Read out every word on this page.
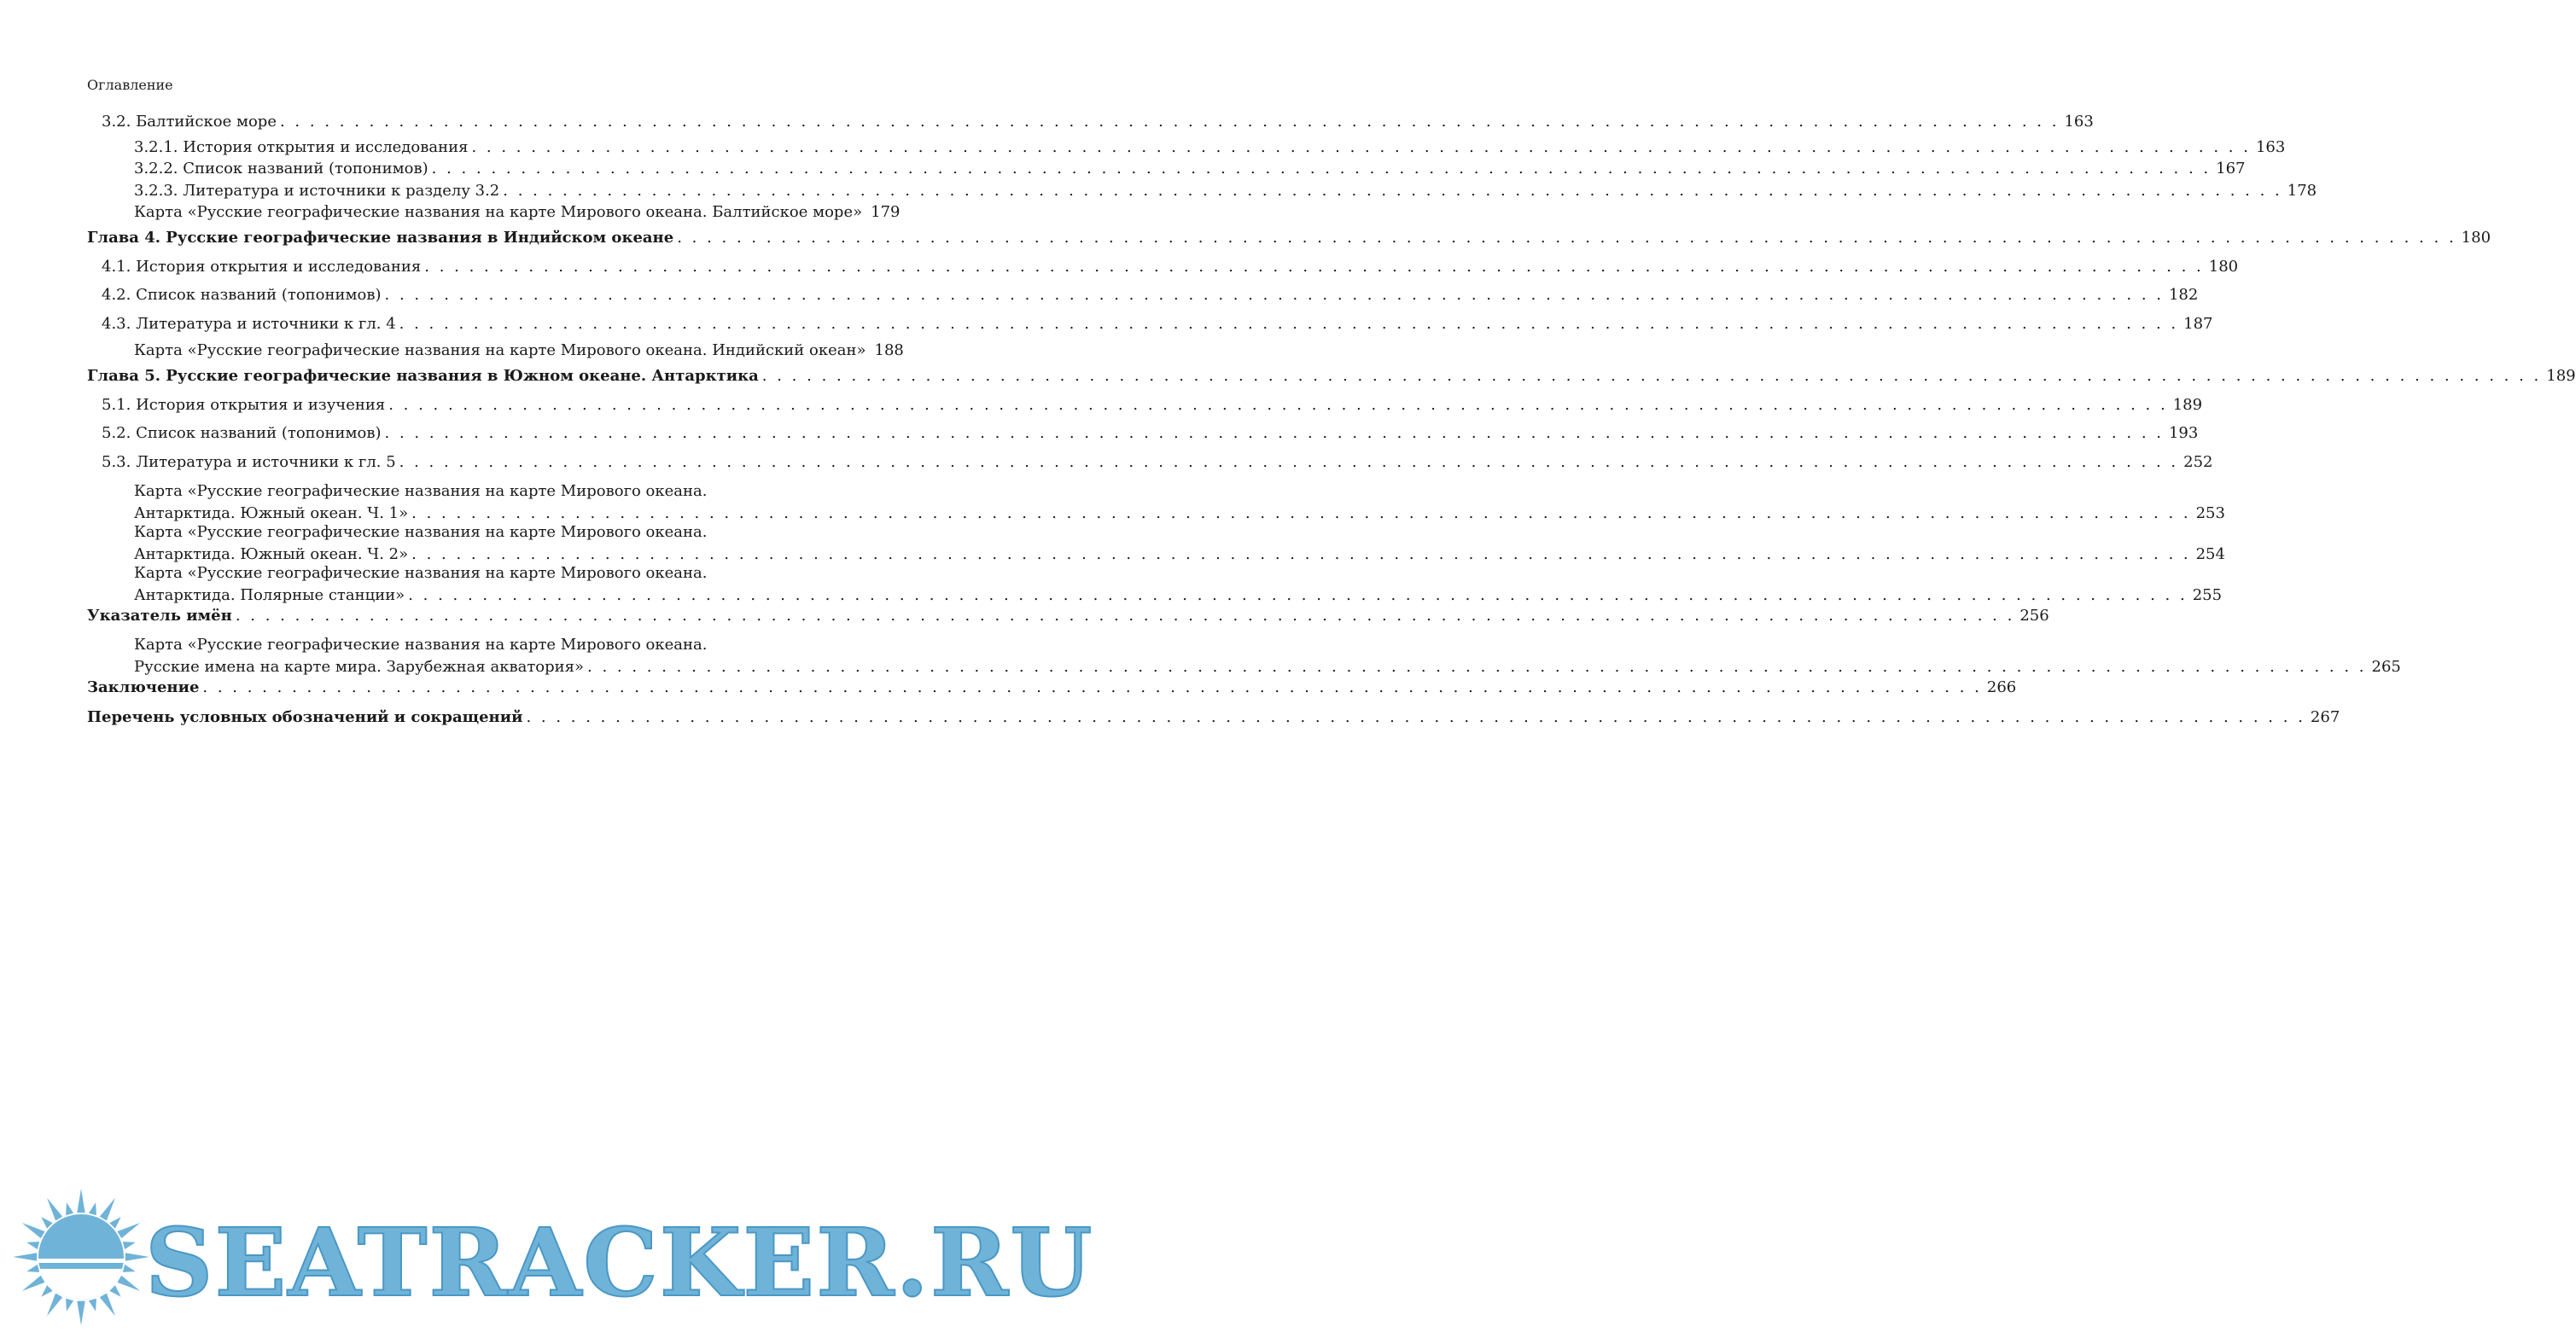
Оглавление
3.2. Балтийское море . . .	163
3.2.1. История открытия и исследования . . .	163
3.2.2. Список названий (топонимов) . . .	167
3.2.3. Литература и источники к разделу 3.2 . . .	178
Карта «Русские географические названия на карте Мирового океана. Балтийское море» 179
Глава 4. Русские географические названия в Индийском океане . . .	180
4.1. История открытия и исследования . . .	180
4.2. Список названий (топонимов) . . .	182
4.3. Литература и источники к гл. 4 . . .	187
Карта «Русские географические названия на карте Мирового океана. Индийский океан» 188
Глава 5. Русские географические названия в Южном океане. Антарктика . . .	189
5.1. История открытия и изучения . . .	189
5.2. Список названий (топонимов) . . .	193
5.3. Литература и источники к гл. 5 . . .	252
Карта «Русские географические названия на карте Мирового океана.
Антарктида. Южный океан. Ч. 1» . . .	253
Карта «Русские географические названия на карте Мирового океана.
Антарктида. Южный океан. Ч. 2» . . .	254
Карта «Русские географические названия на карте Мирового океана.
Антарктида. Полярные станции» . . .	255
Указатель имён . . .	256
Карта «Русские географические названия на карте Мирового океана.
Русские имена на карте мира. Зарубежная акватория» . . .	265
Заключение . . .	266
Перечень условных обозначений и сокращений . . .	267
SEATRACKER.RU
